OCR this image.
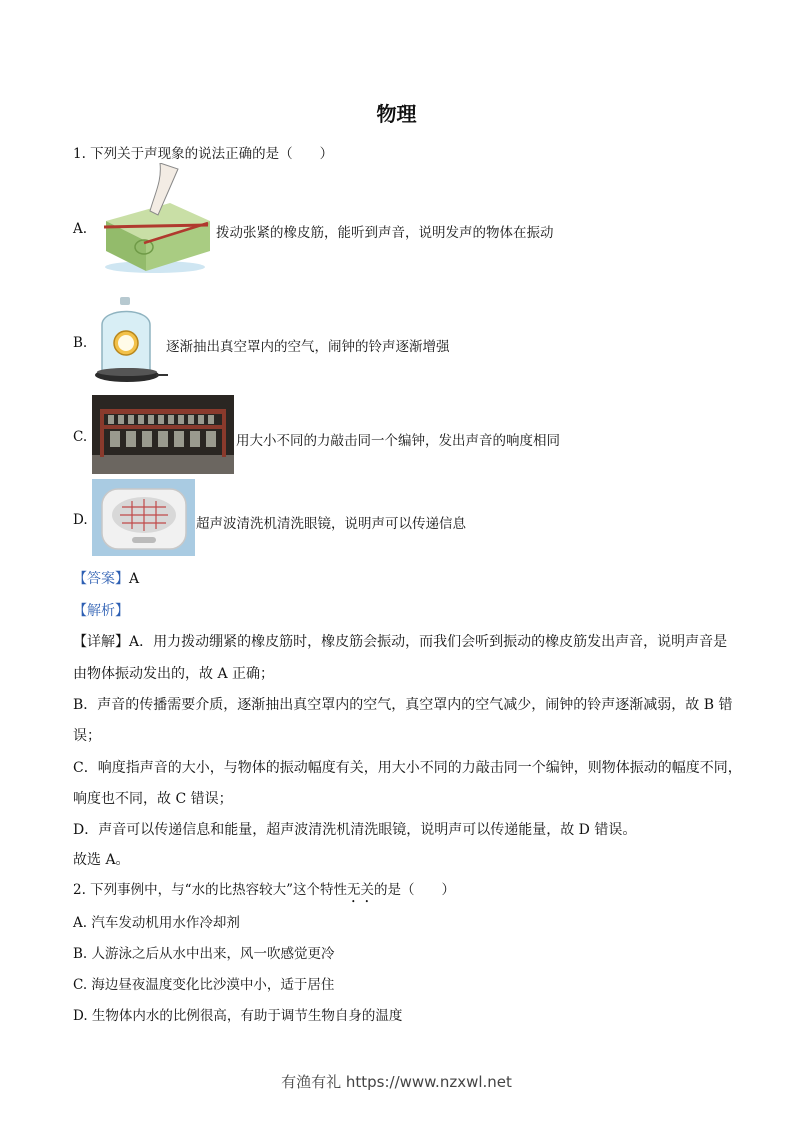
物理
1. 下列关于声现象的说法正确的是（　　）
A.	拨动张紧的橡皮筋，能听到声音，说明发声的物体在振动
B.	逐渐抽出真空罩内的空气，闹钟的铃声逐渐增强
C.	用大小不同的力敲击同一个编钟，发出声音的响度相同
D.	超声波清洗机清洗眼镜，说明声可以传递信息
【答案】A
【解析】
【详解】A．用力拨动绷紧的橡皮筋时，橡皮筋会振动，而我们会听到振动的橡皮筋发出声音，说明声音是
由物体振动发出的，故 A 正确；
B．声音的传播需要介质，逐渐抽出真空罩内的空气，真空罩内的空气减少，闹钟的铃声逐渐减弱，故 B 错
误；
C．响度指声音的大小，与物体的振动幅度有关，用大小不同的力敲击同一个编钟，则物体振动的幅度不同，
响度也不同，故 C 错误；
D．声音可以传递信息和能量，超声波清洗机清洗眼镜，说明声可以传递能量，故 D 错误。
故选 A。
2. 下列事例中，与“水的比热容较大”这个特性无关的是（　　）
A. 汽车发动机用水作冷却剂
B. 人游泳之后从水中出来，风一吹感觉更冷
C. 海边昼夜温度变化比沙漠中小，适于居住
D. 生物体内水的比例很高，有助于调节生物自身的温度
有渔有礼 https://www.nzxwl.net
